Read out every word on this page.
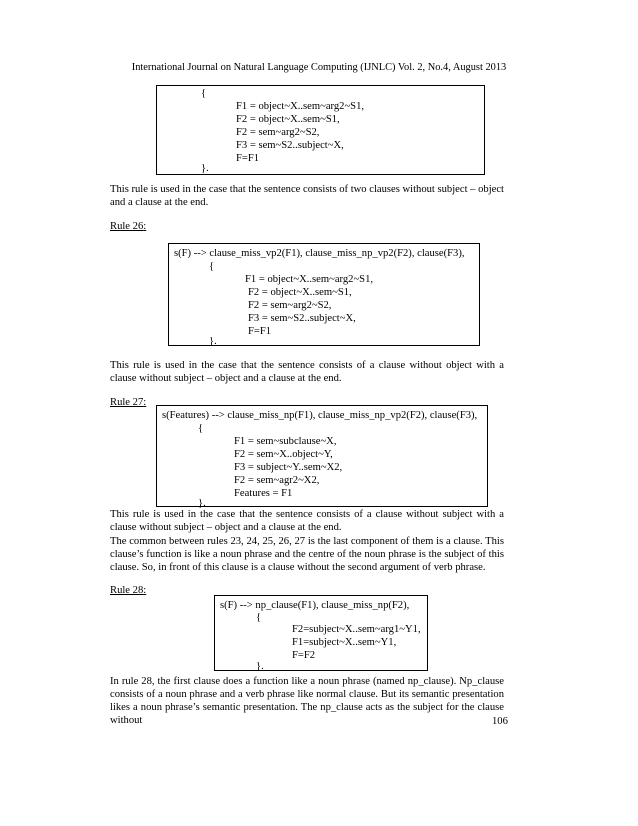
International Journal on Natural Language Computing (IJNLC) Vol. 2, No.4, August 2013
{
F1 = object~X..sem~arg2~S1,
F2 = object~X..sem~S1,
F2 = sem~arg2~S2,
F3 = sem~S2..subject~X,
F=F1
}.
This rule is used in the case that the sentence consists of two clauses without subject – object and a clause at the end.
Rule 26:
s(F) --> clause_miss_vp2(F1), clause_miss_np_vp2(F2), clause(F3),
{
F1 = object~X..sem~arg2~S1,
F2 = object~X..sem~S1,
F2 = sem~arg2~S2,
F3 = sem~S2..subject~X,
F=F1
}.
This rule is used in the case that the sentence consists of a clause without object with a clause without subject – object and a clause at the end.
Rule 27:
s(Features) --> clause_miss_np(F1), clause_miss_np_vp2(F2), clause(F3),
{
F1 = sem~subclause~X,
F2 = sem~X..object~Y,
F3 = subject~Y..sem~X2,
F2 = sem~agr2~X2,
Features = F1
}.
This rule is used in the case that the sentence consists of a clause without subject with a clause without subject – object and a clause at the end.
The common between rules 23, 24, 25, 26, 27 is the last component of them is a clause. This clause’s function is like a noun phrase and the centre of the noun phrase is the subject of this clause. So, in front of this clause is a clause without the second argument of verb phrase.
Rule 28:
s(F) --> np_clause(F1), clause_miss_np(F2),
{
F2=subject~X..sem~arg1~Y1,
F1=subject~X..sem~Y1,
F=F2
}.
In rule 28, the first clause does a function like a noun phrase (named np_clause). Np_clause consists of a noun phrase and a verb phrase like normal clause. But its semantic presentation likes a noun phrase’s semantic presentation. The np_clause acts as the subject for the clause without	106
